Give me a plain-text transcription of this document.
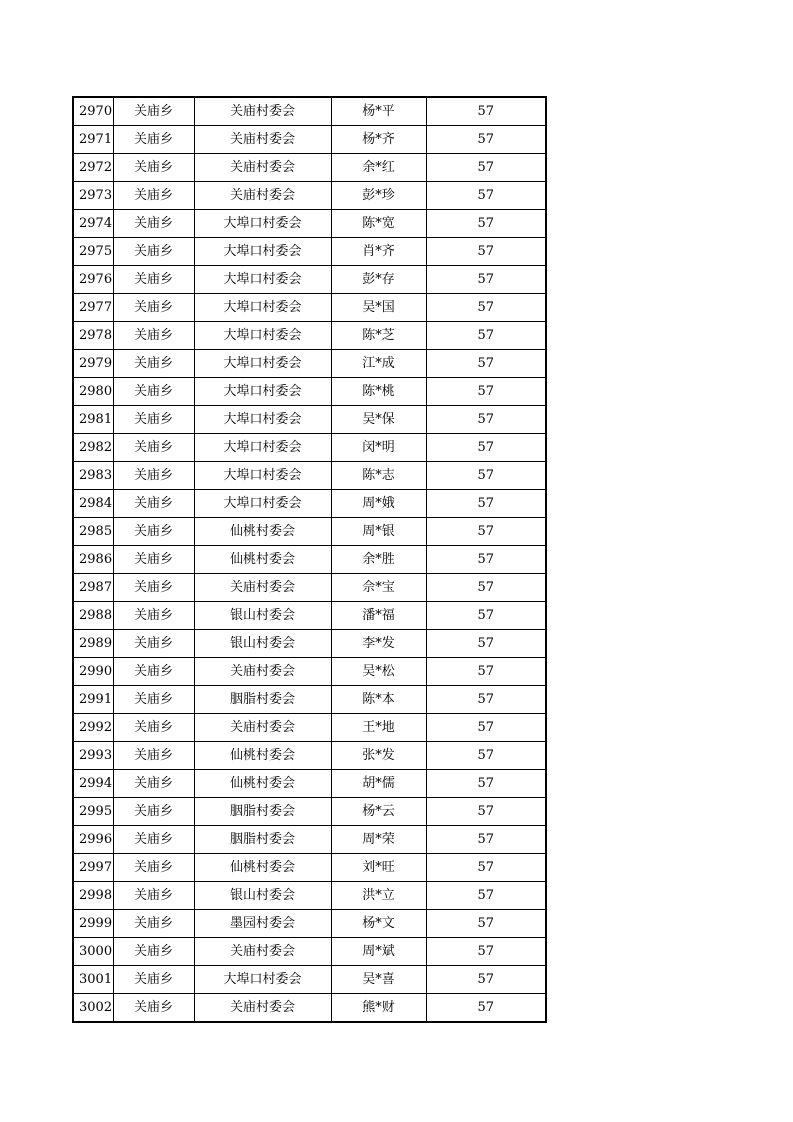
2970	关庙乡	关庙村委会	杨*平	57
2971	关庙乡	关庙村委会	杨*齐	57
2972	关庙乡	关庙村委会	余*红	57
2973	关庙乡	关庙村委会	彭*珍	57
2974	关庙乡	大埠口村委会	陈*宽	57
2975	关庙乡	大埠口村委会	肖*齐	57
2976	关庙乡	大埠口村委会	彭*存	57
2977	关庙乡	大埠口村委会	吴*国	57
2978	关庙乡	大埠口村委会	陈*芝	57
2979	关庙乡	大埠口村委会	江*成	57
2980	关庙乡	大埠口村委会	陈*桃	57
2981	关庙乡	大埠口村委会	吴*保	57
2982	关庙乡	大埠口村委会	闵*明	57
2983	关庙乡	大埠口村委会	陈*志	57
2984	关庙乡	大埠口村委会	周*娥	57
2985	关庙乡	仙桃村委会	周*银	57
2986	关庙乡	仙桃村委会	余*胜	57
2987	关庙乡	关庙村委会	佘*宝	57
2988	关庙乡	银山村委会	潘*福	57
2989	关庙乡	银山村委会	李*发	57
2990	关庙乡	关庙村委会	吴*松	57
2991	关庙乡	胭脂村委会	陈*本	57
2992	关庙乡	关庙村委会	王*地	57
2993	关庙乡	仙桃村委会	张*发	57
2994	关庙乡	仙桃村委会	胡*儒	57
2995	关庙乡	胭脂村委会	杨*云	57
2996	关庙乡	胭脂村委会	周*荣	57
2997	关庙乡	仙桃村委会	刘*旺	57
2998	关庙乡	银山村委会	洪*立	57
2999	关庙乡	墨园村委会	杨*文	57
3000	关庙乡	关庙村委会	周*斌	57
3001	关庙乡	大埠口村委会	吴*喜	57
3002	关庙乡	关庙村委会	熊*财	57
